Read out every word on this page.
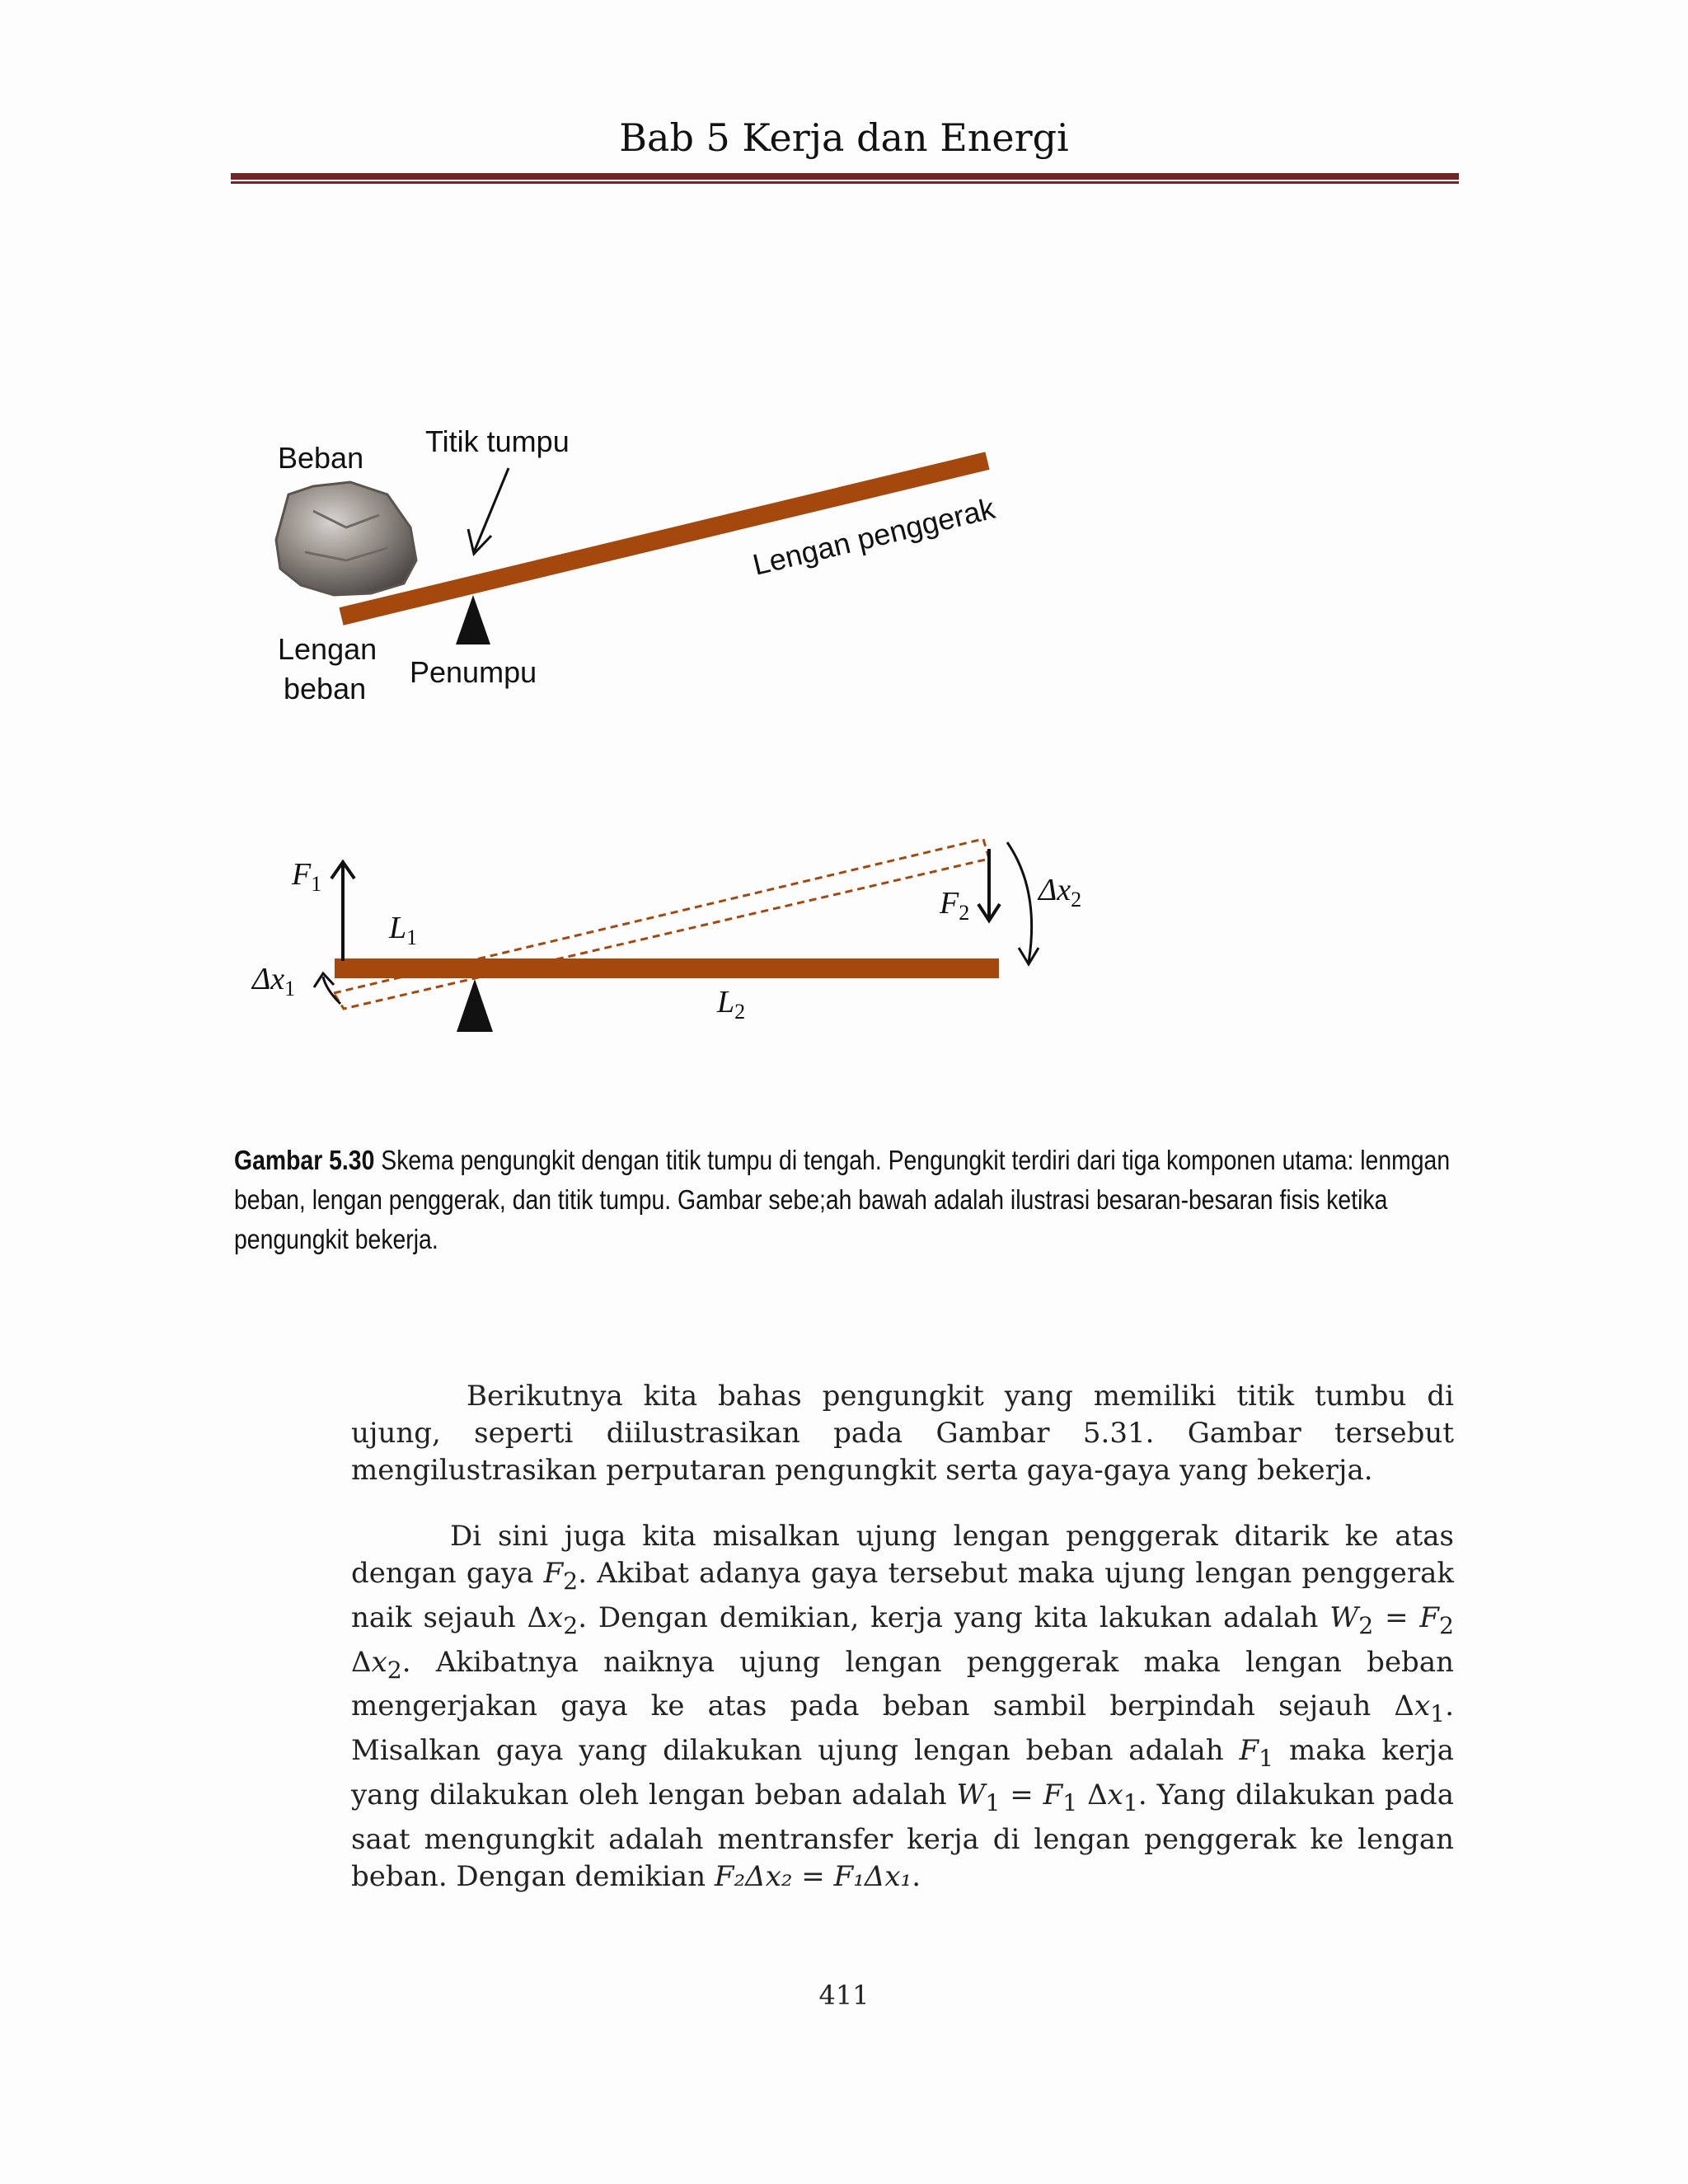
Bab 5 Kerja dan Energi
Beban Titik tumpu
Lengan penggerak
Lengan
beban Penumpu
$F_1$
$L_1$
$\Delta x_1$	$L_2$
$F_2$
$\Delta x_2$
Gambar 5.30 Skema pengungkit dengan titik tumpu di tengah. Pengungkit terdiri dari tiga komponen utama: lenmgan beban, lengan penggerak, dan titik tumpu. Gambar sebe;ah bawah adalah ilustrasi besaran-besaran fisis ketika pengungkit bekerja.

Berikutnya kita bahas pengungkit yang memiliki titik tumbu di ujung, seperti diilustrasikan pada Gambar 5.31. Gambar tersebut mengilustrasikan perputaran pengungkit serta gaya-gaya yang bekerja.

Di sini juga kita misalkan ujung lengan penggerak ditarik ke atas dengan gaya $F_2$. Akibat adanya gaya tersebut maka ujung lengan penggerak naik sejauh $\Delta x_2$. Dengan demikian, kerja yang kita lakukan adalah $W_2 = F_2$ $\Delta x_2$. Akibatnya naiknya ujung lengan penggerak maka lengan beban mengerjakan gaya ke atas pada beban sambil berpindah sejauh $\Delta x_1$. Misalkan gaya yang dilakukan ujung lengan beban adalah $F_1$ maka kerja yang dilakukan oleh lengan beban adalah $W_1 = F_1$ $\Delta x_1$. Yang dilakukan pada saat mengungkit adalah mentransfer kerja di lengan penggerak ke lengan beban. Dengan demikian F₂Δx₂ = F₁Δx₁.

411
